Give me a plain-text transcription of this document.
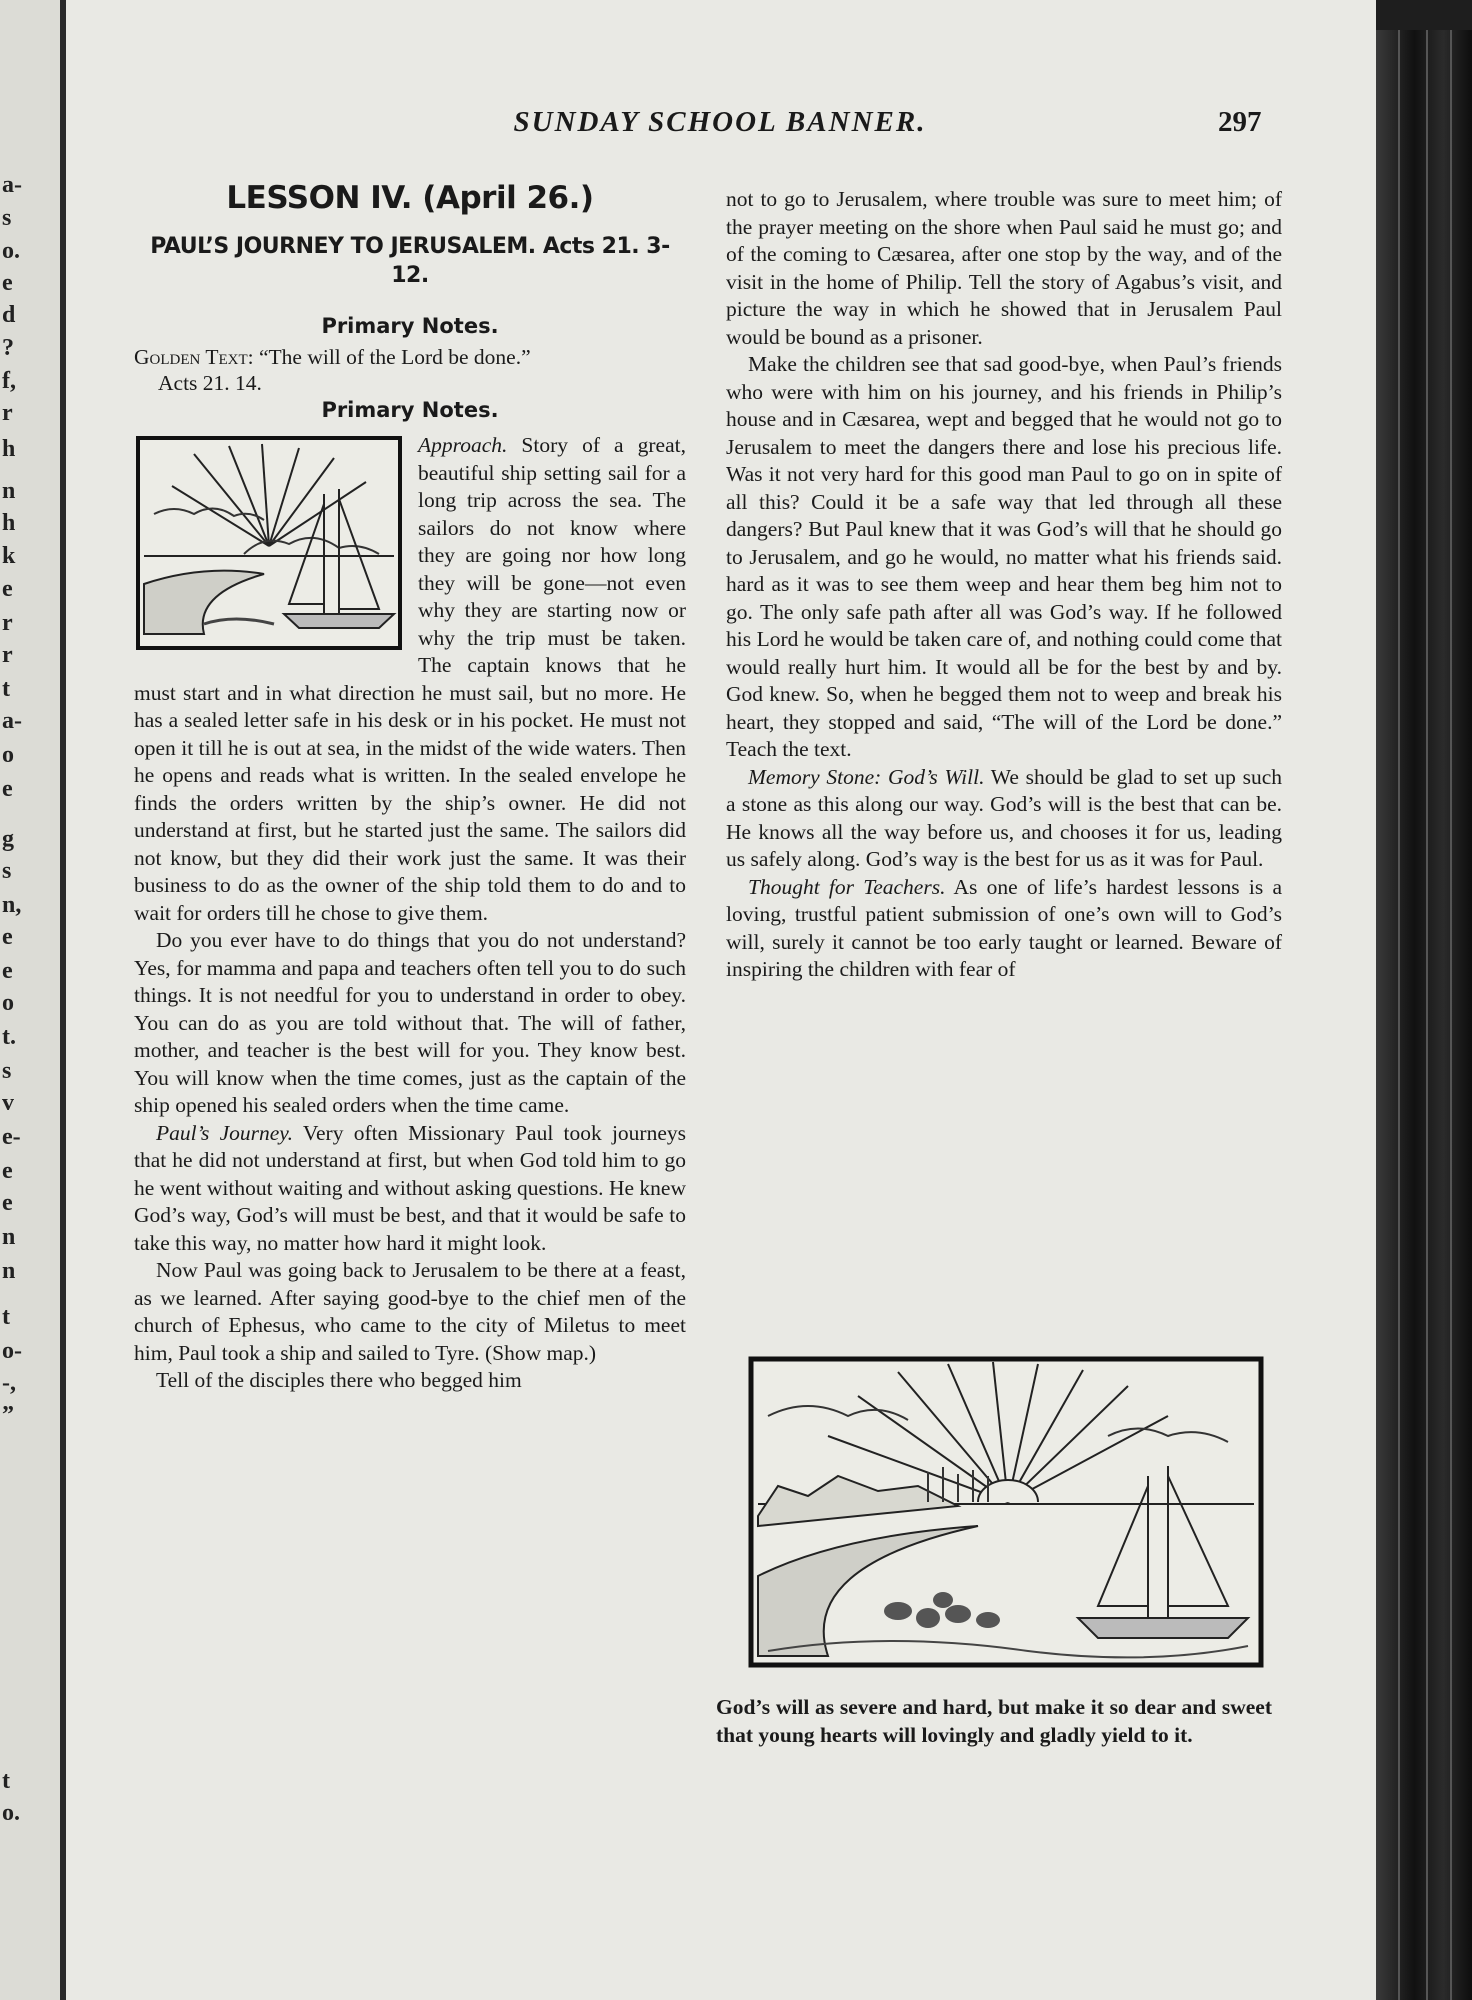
a-
s
o.
e
d
?
f,
r
h
n
h
k
e
r
r
t
a-
o
e
g
s
n,
e
e
o
t.
s
v
e-
e
e
n
n
t
o-
-,
”
t
o.
SUNDAY SCHOOL BANNER.	297
LESSON IV. (April 26.)
PAUL’S JOURNEY TO JERUSALEM. Acts 21. 3-12.
Primary Notes.

Golden Text: “The will of the Lord be done.”
Acts 21. 14.

Primary Notes.

Approach. Story of a great, beautiful ship setting sail for a long trip across the sea. The sailors do not know where they are going nor how long they will be gone—not even why they are starting now or why the trip must be taken. The captain knows that he must start and in what direction he must sail, but no more. He has a sealed letter safe in his desk or in his pocket. He must not open it till he is out at sea, in the midst of the wide waters. Then he opens and reads what is written. In the sealed envelope he finds the orders written by the ship’s owner. He did not understand at first, but he started just the same. The sailors did not know, but they did their work just the same. It was their business to do as the owner of the ship told them to do and to wait for orders till he chose to give them.

Do you ever have to do things that you do not understand? Yes, for mamma and papa and teachers often tell you to do such things. It is not needful for you to understand in order to obey. You can do as you are told without that. The will of father, mother, and teacher is the best will for you. They know best. You will know when the time comes, just as the captain of the ship opened his sealed orders when the time came.

Paul’s Journey. Very often Missionary Paul took journeys that he did not understand at first, but when God told him to go he went without waiting and without asking questions. He knew God’s way, God’s will must be best, and that it would be safe to take this way, no matter how hard it might look.

Now Paul was going back to Jerusalem to be there at a feast, as we learned. After saying good-bye to the chief men of the church of Ephesus, who came to the city of Miletus to meet him, Paul took a ship and sailed to Tyre. (Show map.)

Tell of the disciples there who begged him

not to go to Jerusalem, where trouble was sure to meet him; of the prayer meeting on the shore when Paul said he must go; and of the coming to Cæsarea, after one stop by the way, and of the visit in the home of Philip. Tell the story of Agabus’s visit, and picture the way in which he showed that in Jerusalem Paul would be bound as a prisoner.

Make the children see that sad good-bye, when Paul’s friends who were with him on his journey, and his friends in Philip’s house and in Cæsarea, wept and begged that he would not go to Jerusalem to meet the dangers there and lose his precious life. Was it not very hard for this good man Paul to go on in spite of all this? Could it be a safe way that led through all these dangers? But Paul knew that it was God’s will that he should go to Jerusalem, and go he would, no matter what his friends said. hard as it was to see them weep and hear them beg him not to go. The only safe path after all was God’s way. If he followed his Lord he would be taken care of, and nothing could come that would really hurt him. It would all be for the best by and by. God knew. So, when he begged them not to weep and break his heart, they stopped and said, “The will of the Lord be done.” Teach the text.

Memory Stone: God’s Will. We should be glad to set up such a stone as this along our way. God’s will is the best that can be. He knows all the way before us, and chooses it for us, leading us safely along. God’s way is the best for us as it was for Paul.

Thought for Teachers. As one of life’s hardest lessons is a loving, trustful patient submission of one’s own will to God’s will, surely it cannot be too early taught or learned. Beware of inspiring the children with fear of

God’s will as severe and hard, but make it so dear and sweet that young hearts will lovingly and gladly yield to it.
